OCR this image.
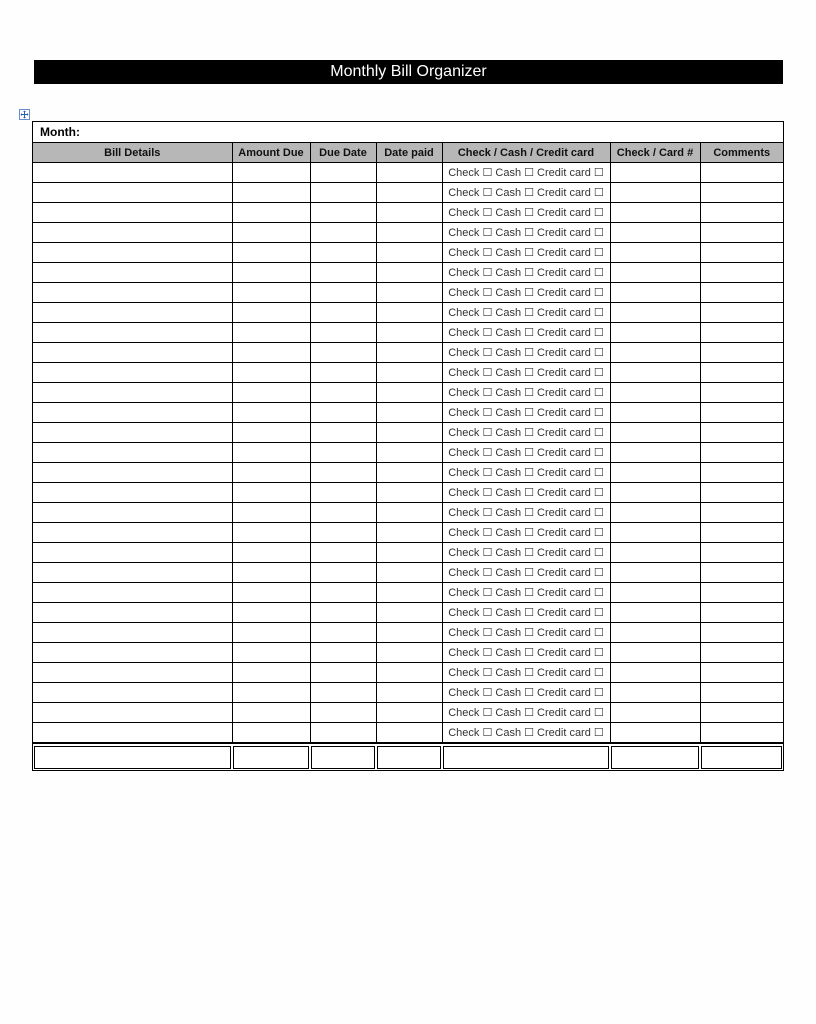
Monthly Bill Organizer
Month:
Bill Details	Amount Due	Due Date	Date paid	Check / Cash / Credit card	Check / Card #	Comments
				Check ☐ Cash ☐ Credit card ☐		
				Check ☐ Cash ☐ Credit card ☐		
				Check ☐ Cash ☐ Credit card ☐		
				Check ☐ Cash ☐ Credit card ☐		
				Check ☐ Cash ☐ Credit card ☐		
				Check ☐ Cash ☐ Credit card ☐		
				Check ☐ Cash ☐ Credit card ☐		
				Check ☐ Cash ☐ Credit card ☐		
				Check ☐ Cash ☐ Credit card ☐		
				Check ☐ Cash ☐ Credit card ☐		
				Check ☐ Cash ☐ Credit card ☐		
				Check ☐ Cash ☐ Credit card ☐		
				Check ☐ Cash ☐ Credit card ☐		
				Check ☐ Cash ☐ Credit card ☐		
				Check ☐ Cash ☐ Credit card ☐		
				Check ☐ Cash ☐ Credit card ☐		
				Check ☐ Cash ☐ Credit card ☐		
				Check ☐ Cash ☐ Credit card ☐		
				Check ☐ Cash ☐ Credit card ☐		
				Check ☐ Cash ☐ Credit card ☐		
				Check ☐ Cash ☐ Credit card ☐		
				Check ☐ Cash ☐ Credit card ☐		
				Check ☐ Cash ☐ Credit card ☐		
				Check ☐ Cash ☐ Credit card ☐		
				Check ☐ Cash ☐ Credit card ☐		
				Check ☐ Cash ☐ Credit card ☐		
				Check ☐ Cash ☐ Credit card ☐		
				Check ☐ Cash ☐ Credit card ☐		
				Check ☐ Cash ☐ Credit card ☐		
